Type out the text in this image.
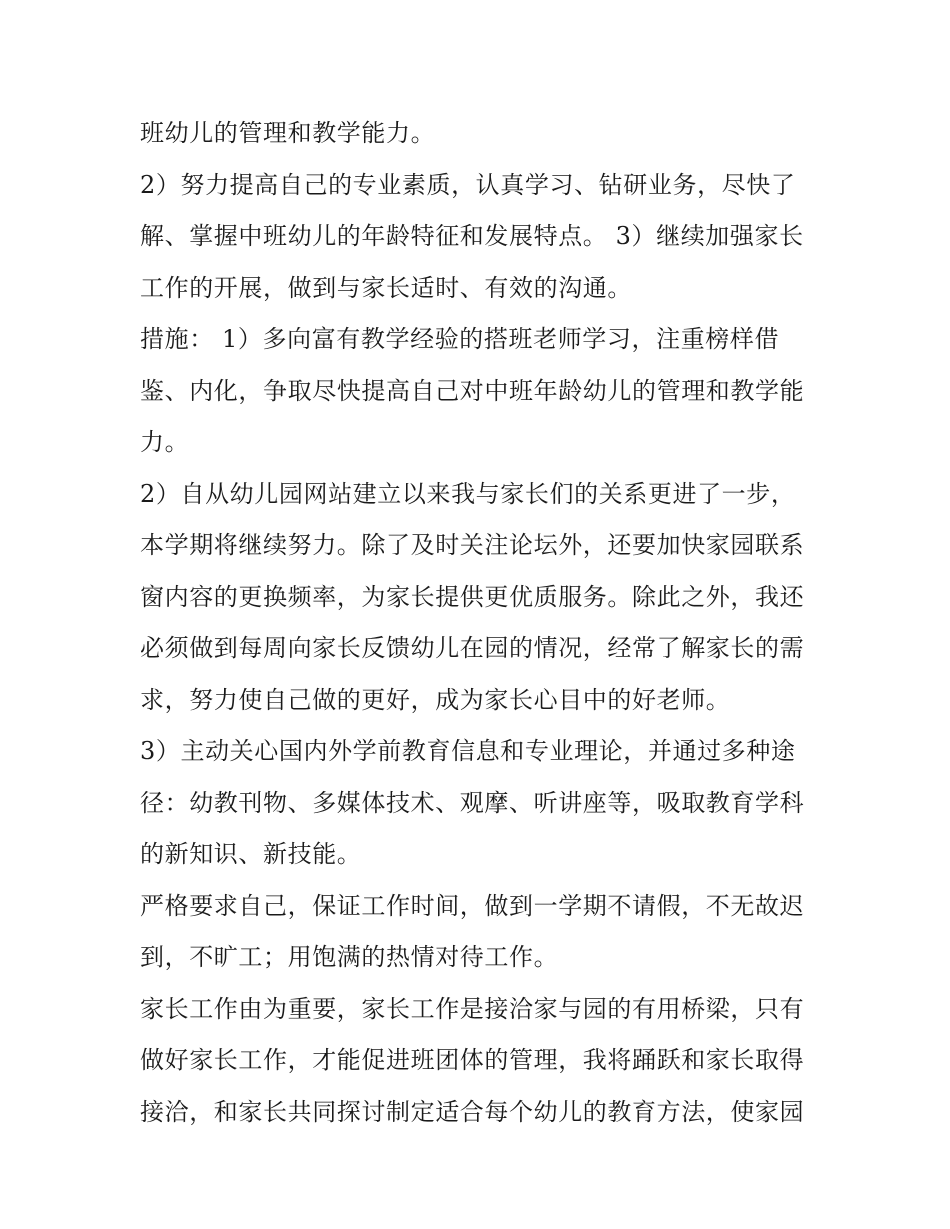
班幼儿的管理和教学能力。
2）努力提高自己的专业素质，认真学习、钻研业务，尽快了
解、掌握中班幼儿的年龄特征和发展特点。 3）继续加强家长
工作的开展，做到与家长适时、有效的沟通。
措施： 1）多向富有教学经验的搭班老师学习，注重榜样借
鉴、内化，争取尽快提高自己对中班年龄幼儿的管理和教学能
力。
2）自从幼儿园网站建立以来我与家长们的关系更进了一步，
本学期将继续努力。除了及时关注论坛外，还要加快家园联系
窗内容的更换频率，为家长提供更优质服务。除此之外，我还
必须做到每周向家长反馈幼儿在园的情况，经常了解家长的需
求，努力使自己做的更好，成为家长心目中的好老师。
3）主动关心国内外学前教育信息和专业理论，并通过多种途
径：幼教刊物、多媒体技术、观摩、听讲座等，吸取教育学科
的新知识、新技能。
严格要求自己，保证工作时间，做到一学期不请假，不无故迟
到，不旷工；用饱满的热情对待工作。
家长工作由为重要，家长工作是接洽家与园的有用桥梁，只有
做好家长工作，才能促进班团体的管理，我将踊跃和家长取得
接洽，和家长共同探讨制定适合每个幼儿的教育方法，使家园
